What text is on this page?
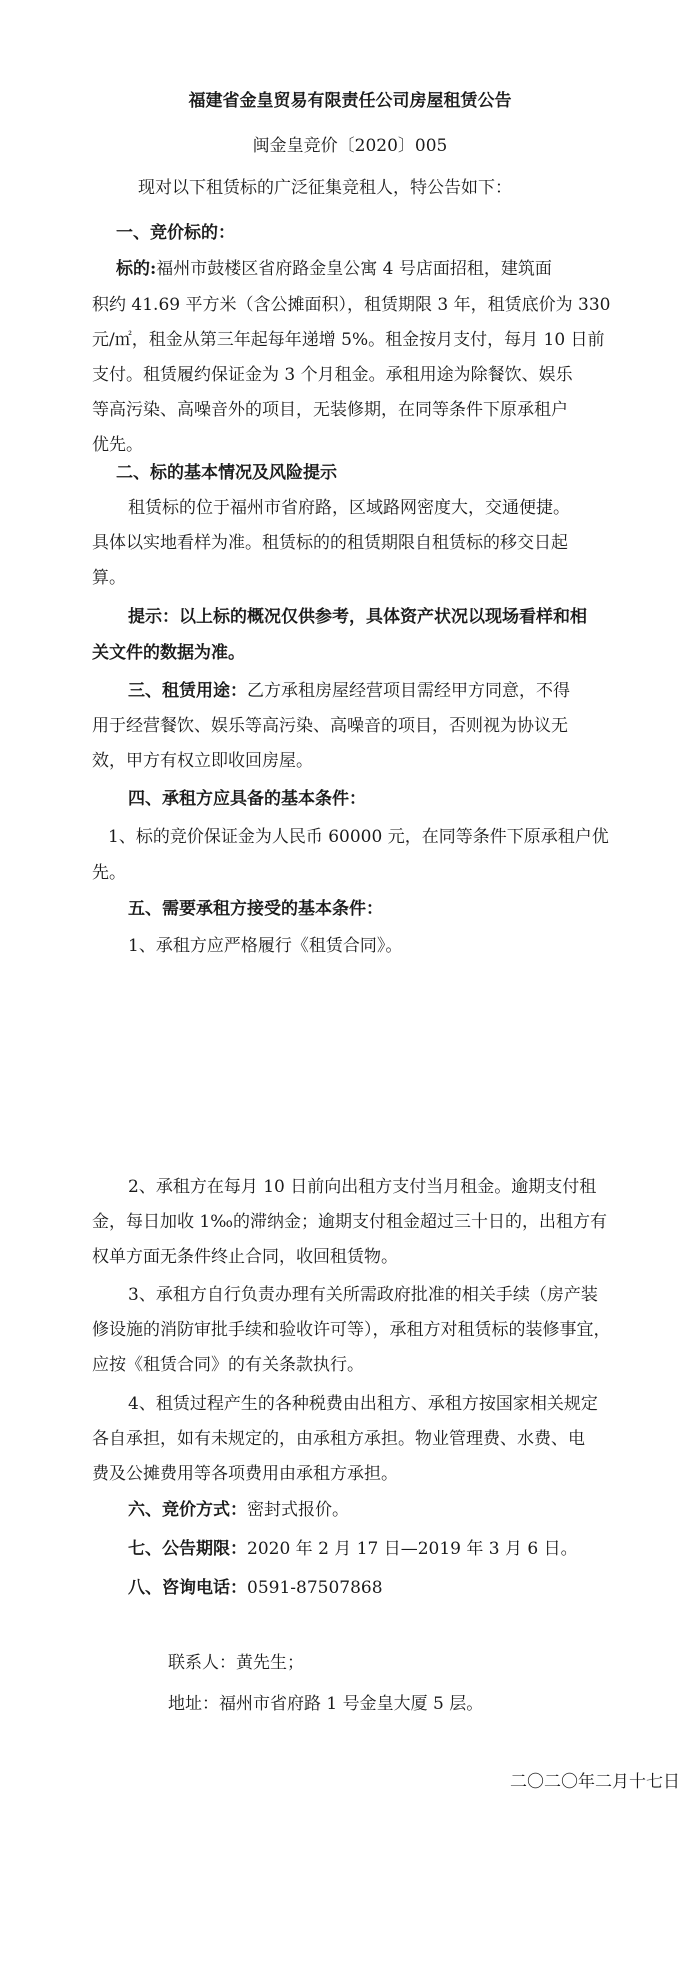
福建省金皇贸易有限责任公司房屋租赁公告
闽金皇竞价〔2020〕005
现对以下租赁标的广泛征集竞租人，特公告如下：
一、竞价标的：
标的:福州市鼓楼区省府路金皇公寓 4 号店面招租，建筑面
积约 41.69 平方米（含公摊面积），租赁期限 3 年，租赁底价为 330
元/㎡，租金从第三年起每年递增 5%。租金按月支付，每月 10 日前
支付。租赁履约保证金为 3 个月租金。承租用途为除餐饮、娱乐
等高污染、高噪音外的项目，无装修期，在同等条件下原承租户
优先。
二、标的基本情况及风险提示
租赁标的位于福州市省府路，区域路网密度大，交通便捷。
具体以实地看样为准。租赁标的的租赁期限自租赁标的移交日起
算。
提示：以上标的概况仅供参考，具体资产状况以现场看样和相
关文件的数据为准。
三、租赁用途：乙方承租房屋经营项目需经甲方同意，不得
用于经营餐饮、娱乐等高污染、高噪音的项目，否则视为协议无
效，甲方有权立即收回房屋。
四、承租方应具备的基本条件：
1、标的竞价保证金为人民币 60000 元，在同等条件下原承租户优
先。
五、需要承租方接受的基本条件：
1、承租方应严格履行《租赁合同》。
2、承租方在每月 10 日前向出租方支付当月租金。逾期支付租
金，每日加收 1‰的滞纳金；逾期支付租金超过三十日的，出租方有
权单方面无条件终止合同，收回租赁物。
3、承租方自行负责办理有关所需政府批准的相关手续（房产装
修设施的消防审批手续和验收许可等），承租方对租赁标的装修事宜，
应按《租赁合同》的有关条款执行。
4、租赁过程产生的各种税费由出租方、承租方按国家相关规定
各自承担，如有未规定的，由承租方承担。物业管理费、水费、电
费及公摊费用等各项费用由承租方承担。
六、竞价方式：密封式报价。
七、公告期限：2020 年 2 月 17 日—2019 年 3 月 6 日。
八、咨询电话：0591-87507868
联系人：黄先生；
地址：福州市省府路 1 号金皇大厦 5 层。
二〇二〇年二月十七日
